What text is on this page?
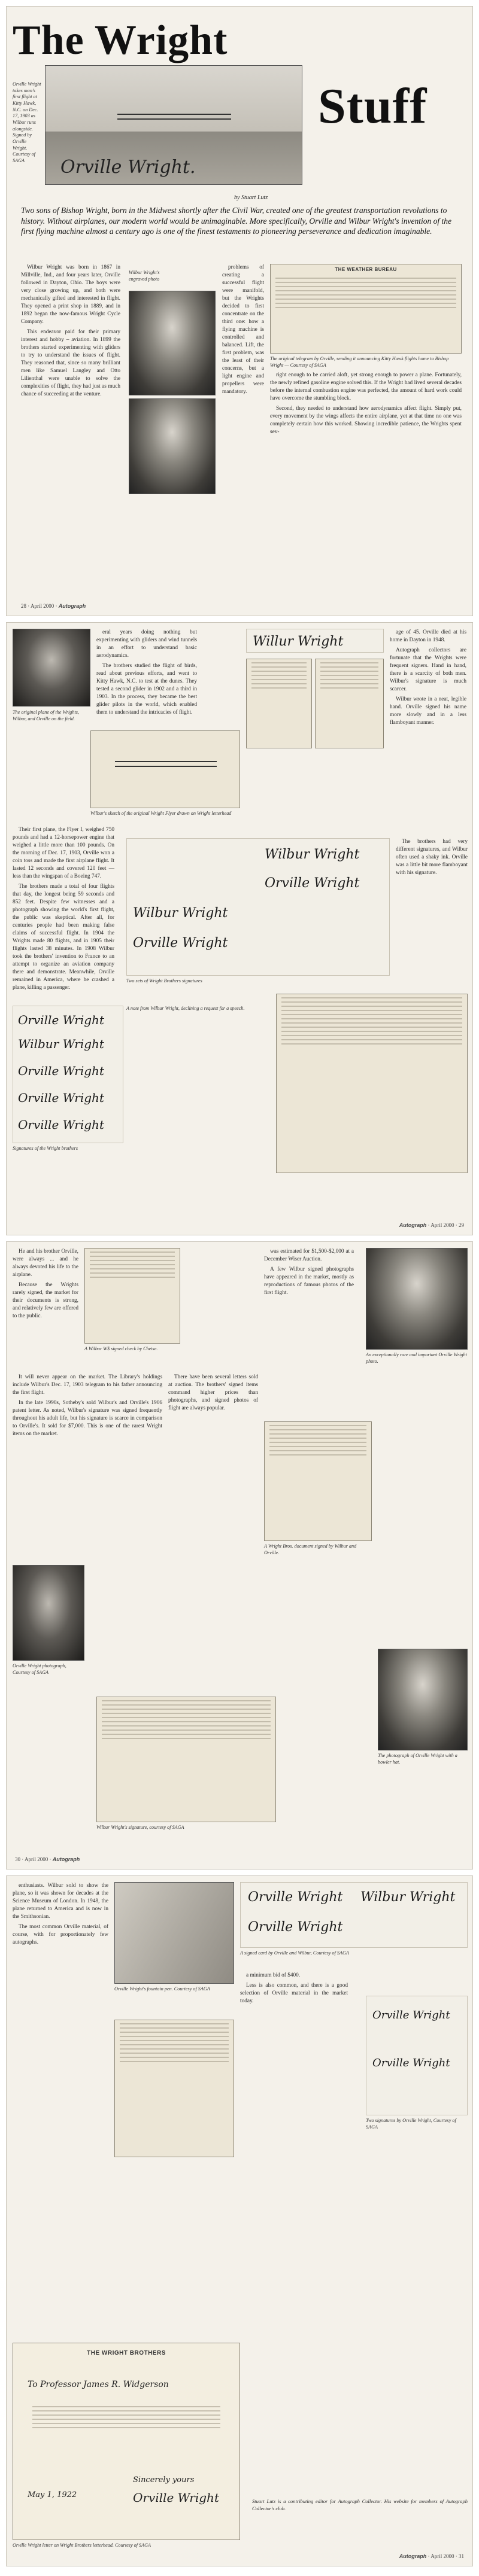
The Wright
Stuff
Orville Wright takes man's first flight at Kitty Hawk, N.C. on Dec. 17, 1903 as Wilbur runs alongside. Signed by Orville Wright. Courtesy of SAGA	Orville Wright.
by Stuart Lutz
Two sons of Bishop Wright, born in the Midwest shortly after the Civil War, created one of the greatest transportation revolutions to history. Without airplanes, our modern world would be unimaginable. More specifically, Orville and Wilbur Wright's invention of the first flying machine almost a century ago is one of the finest testaments to pioneering perseverance and dedication imaginable.

Wilbur Wright was born in 1867 in Millville, Ind., and four years later, Orville followed in Dayton, Ohio. The boys were very close growing up, and both were mechanically gifted and interested in flight. They opened a print shop in 1889, and in 1892 began the now-famous Wright Cycle Company.

This endeavor paid for their primary interest and hobby – aviation. In 1899 the brothers started experimenting with gliders to try to understand the issues of flight. They reasoned that, since so many brilliant men like Samuel Langley and Otto Lilienthal were unable to solve the complexities of flight, they had just as much chance of succeeding at the venture.

Wilbur Wright's engraved photo

problems of creating a successful flight were manifold, but the Wrights decided to first concentrate on the third one: how a flying machine is controlled and balanced. Lift, the first problem, was the least of their concerns, but a light engine and propellers were mandatory.

THE WEATHER BUREAU
The original telegram by Orville, sending it announcing Kitty Hawk flights home to Bishop Wright — Courtesy of SAGA

right enough to be carried aloft, yet strong enough to power a plane. Fortunately, the newly refined gasoline engine solved this. If the Wright had lived several decades before the internal combustion engine was perfected, the amount of hard work could have overcome the stumbling block.

Second, they needed to understand how aerodynamics affect flight. Simply put, every movement by the wings affects the entire airplane, yet at that time no one was completely certain how this worked. Showing incredible patience, the Wrights spent sev-

28 · April 2000 · Autograph
The original plane of the Wrights, Wilbur, and Orville on the field.

eral years doing nothing but experimenting with gliders and wind tunnels in an effort to understand basic aerodynamics.

The brothers studied the flight of birds, read about previous efforts, and went to Kitty Hawk, N.C. to test at the dunes. They tested a second glider in 1902 and a third in 1903. In the process, they became the best glider pilots in the world, which enabled them to understand the intricacies of flight.

Wilbur's sketch of the original Wright Flyer drawn on Wright letterhead

Their first plane, the Flyer I, weighed 750 pounds and had a 12-horsepower engine that weighed a little more than 100 pounds. On the morning of Dec. 17, 1903, Orville won a coin toss and made the first airplane flight. It lasted 12 seconds and covered 120 feet — less than the wingspan of a Boeing 747.

The brothers made a total of four flights that day, the longest being 59 seconds and 852 feet. Despite few witnesses and a photograph showing the world's first flight, the public was skeptical. After all, for centuries people had been making false claims of successful flight. In 1904 the Wrights made 80 flights, and in 1905 their flights lasted 38 minutes. In 1908 Wilbur took the brothers' invention to France to an attempt to organize an aviation company there and demonstrate. Meanwhile, Orville remained in America, where he crashed a plane, killing a passenger.

Orville Wright
Wilbur Wright
Orville Wright
Orville Wright
Orville Wright
Signatures of the Wright brothers
Willur Wright

age of 45. Orville died at his home in Dayton in 1948.

Autograph collectors are fortunate that the Wrights were frequent signers. Hand in hand, there is a scarcity of both men. Wilbur's signature is much scarcer.

Wilbur wrote in a neat, legible hand. Orville signed his name more slowly and in a less flamboyant manner.

Wilbur Wright
Orville Wright
Wilbur Wright
Orville Wright
Two sets of Wright Brothers signatures

The brothers had very different signatures, and Wilbur often used a shaky ink. Orville was a little bit more flamboyant with his signature.

A note from Wilbur Wright, declining a request for a speech.
Autograph · April 2000 · 29

He and his brother Orville, were always ... and he always devoted his life to the airplane.

Because the Wrights rarely signed, the market for their documents is strong, and relatively few are offered to the public.

A Wilbur W$ signed check by Chetse.

It will never appear on the market. The Library's holdings include Wilbur's Dec. 17, 1903 telegram to his father announcing the first flight.

In the late 1990s, Sotheby's sold Wilbur's and Orville's 1906 patent letter. As noted, Wilbur's signature was signed frequently throughout his adult life, but his signature is scarce in comparison to Orville's. It sold for $7,000. This is one of the rarest Wright items on the market.

There have been several letters sold at auction. The brothers' signed items command higher prices than photographs, and signed photos of flight are always popular.

was estimated for $1,500-$2,000 at a December Wiser Auction.

A few Wilbur signed photographs have appeared in the market, mostly as reproductions of famous photos of the first flight.

An exceptionally rare and important Orville Wright photo.
A Wright Bros. document signed by Wilbur and Orville.
Orville Wright photograph, Courtesy of SAGA
The photograph of Orville Wright with a bowler hat.
Wilbur Wright's signature, courtesy of SAGA
30 · April 2000 · Autograph

enthusiasts. Wilbur sold to show the plane, so it was shown for decades at the Science Museum of London. In 1948, the plane returned to America and is now in the Smithsonian.

The most common Orville material, of course, with for proportionately few autographs.

Orville Wright's fountain pen. Courtesy of SAGA
Orville Wright Wilbur Wright
Orville Wright
A signed card by Orville and Wilbur, Courtesy of SAGA

a minimum bid of $400.

Less is also common, and there is a good selection of Orville material in the market today.

Orville Wright
Orville Wright
Two signatures by Orville Wright, Courtesy of SAGA
THE WRIGHT BROTHERS
To Professor James R. Widgerson
Sincerely yours
Orville Wright
May 1, 1922
Orville Wright letter on Wright Brothers letterhead. Courtesy of SAGA
Stuart Lutz is a contributing editor for Autograph Collector. His website for members of Autograph Collector's club.
Autograph · April 2000 · 31
